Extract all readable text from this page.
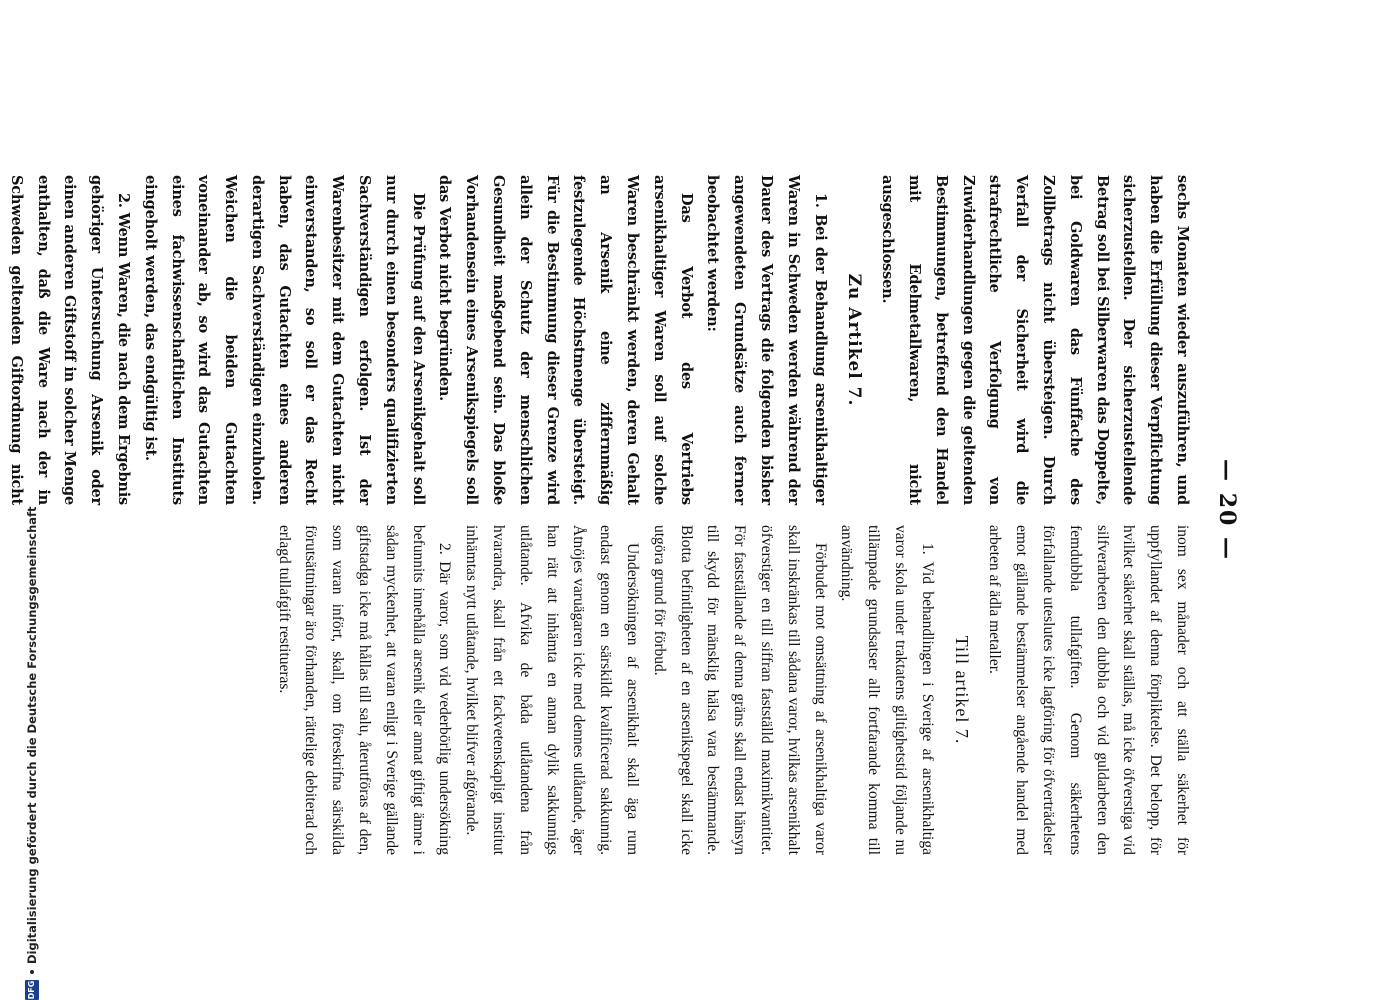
— 20 —

sechs Monaten wieder auszuführen, und haben die Erfüllung dieser Verpflichtung sicherzustellen. Der sicherzustellende Betrag soll bei Silberwaren das Doppelte, bei Goldwaren das Fünffache des Zollbetrags nicht übersteigen. Durch Verfall der Sicherheit wird die strafrechtliche Verfolgung von Zuwiderhandlungen gegen die geltenden Bestimmungen, betreffend den Handel mit Edelmetallwaren, nicht ausgeschlossen.

Zu Artikel 7.

1. Bei der Behandlung arsenikhaltiger Waren in Schweden werden während der Dauer des Vertrags die folgenden bisher angewendeten Grundsätze auch ferner beobachtet werden:

Das Verbot des Vertriebs arsenikhaltiger Waren soll auf solche Waren beschränkt werden, deren Gehalt an Arsenik eine ziffernmäßig festzulegende Höchstmenge übersteigt. Für die Bestimmung dieser Grenze wird allein der Schutz der menschlichen Gesundheit maßgebend sein. Das bloße Vorhandensein eines Arsenikspiegels soll das Verbot nicht begründen.

Die Prüfung auf den Arsenikgehalt soll nur durch einen besonders qualifizierten Sachverständigen erfolgen. Ist der Warenbesitzer mit dem Gutachten nicht einverstanden, so soll er das Recht haben, das Gutachten eines anderen derartigen Sachverständigen einzuholen. Weichen die beiden Gutachten voneinander ab, so wird das Gutachten eines fachwissenschaftlichen Instituts eingeholt werden, das endgültig ist.

2. Wenn Waren, die nach dem Ergebnis gehöriger Untersuchung Arsenik oder einen anderen Giftstoff in solcher Menge enthalten, daß die Ware nach der in Schweden geltenden Giftordnung nicht

inom sex månader och att ställa säkerhet för uppfyllandet af denna förpliktelse. Det belopp, för hvilket säkerhet skall ställas, må icke öfverstiga vid silfverarbeten den dubbla och vid guldarbeten den femdubbla tullafgiften. Genom säkerhetens förfallande uteslutes icke lagföring för öfverträdelser emot gällande bestämmelser angående handel med arbeten af ädla metaller.

Till artikel 7.

1. Vid behandlingen i Sverige af arsenikhaltiga varor skola under traktatens giltighetstid följande nu tillämpade grundsatser allt fortfarande komma till användning.

Förbudet mot omsättning af arsenikhaltiga varor skall inskränkas till sådana varor, hvilkas arsenikhalt öfverstiger en till siffran fastställd maximikvantitet. För fastställande af denna gräns skall endast hänsyn till skydd för mänsklig hälsa vara bestämmande. Blotta befintligheten af en arsenikspegel skall icke utgöra grund för förbud.

Undersökningen af arsenikhalt skall äga rum endast genom en särskildt kvalificerad sakkunnig. Åtnöjes varuägaren icke med dennes utlåtande, äger han rätt att inhämta en annan dylik sakkunnigs utlåtande. Afvika de båda utlåtandena från hvarandra, skall från ett fackvetenskapligt institut inhämtas nytt utlåtande, hvilket blifver afgörande.

2. Där varor, som vid vederbörlig undersökning befunnits innehålla arsenik eller annat giftigt ämne i sådan myckenhet, att varan enligt i Sverige gällande giftstadga icke må hållas till salu, återutföras af den, som varan infört, skall, om föreskrifna särskilda förutsättningar äro förhanden, rättelige debiterad och erlagd tullafgift restitueras.

DFG
Digitalisierung gefördert durch die Deutsche Forschungsgemeinschaft
